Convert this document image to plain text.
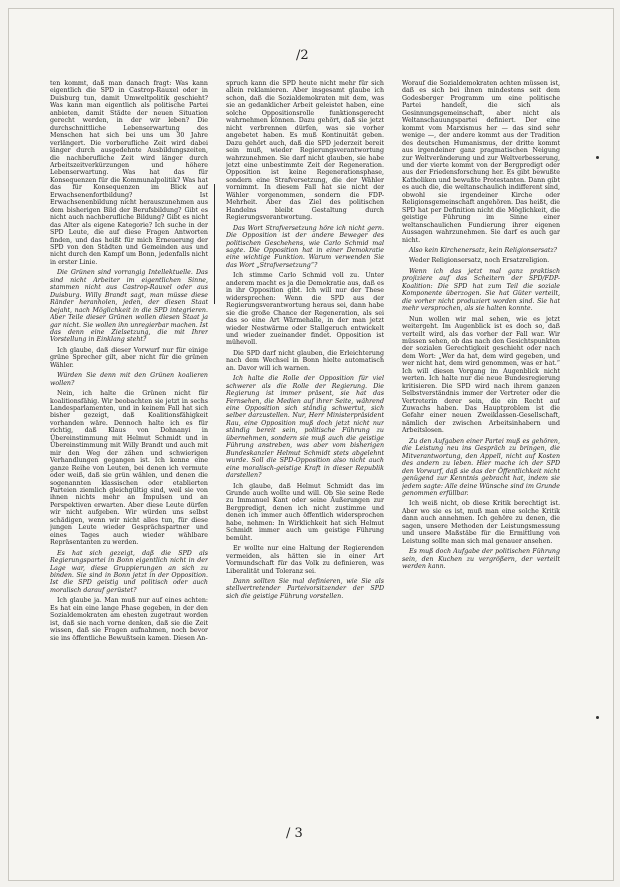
/2

ten kommt, daß man danach fragt: Was kann eigentlich die SPD in Castrop-Rauxel oder in Duisburg tun, damit Umweltpolitik geschieht? Was kann man eigentlich als politische Partei anbieten, damit Städte der neuen Situation gerecht werden, in der wir leben? Die durchschnittliche Lebenserwartung des Menschen hat sich bei uns um 30 Jahre verlängert. Die vorberufliche Zeit wird dabei länger durch ausgedehnte Ausbildungszeiten, die nachberufliche Zeit wird länger durch Arbeitszeitverkürzungen und höhere Lebenserwartung. Was hat das für Konsequenzen für die Kommunalpolitik? Was hat das für Konsequenzen im Blick auf Erwachsenenfortbildung? Ist Erwachsenenbildung nicht herauszunehmen aus dem bisherigen Bild der Berufsbildung? Gibt es nicht auch nachberufliche Bildung? Gibt es nicht das Alter als eigene Kategorie? Ich suche in der SPD Leute, die auf diese Fragen Antworten finden, und das heißt für mich Erneuerung der SPD von den Städten und Gemeinden aus und nicht durch den Kampf um Bonn, jedenfalls nicht in erster Linie.

Die Grünen sind vorrangig Intellektuelle. Das sind nicht Arbeiter im eigentlichen Sinne, stammen nicht aus Castrop-Rauxel oder aus Duisburg. Willy Brandt sagt, man müsse diese Ränder heranholen, jeden, der diesen Staat bejaht, nach Möglichkeit in die SPD integrieren. Aber Teile dieser Grünen wollen diesen Staat ja gar nicht. Sie wollen ihn unregierbar machen. Ist das denn eine Zielsetzung, die mit Ihrer Vorstellung in Einklang steht?

Ich glaube, daß dieser Vorwurf nur für einige grüne Sprecher gilt, aber nicht für die grünen Wähler.

Würden Sie denn mit den Grünen koalieren wollen?

Nein, ich halte die Grünen nicht für koalitionsfähig. Wir beobachten sie jetzt in sechs Landesparlamenten, und in keinem Fall hat sich bisher gezeigt, daß Koalitionsfähigkeit vorhanden wäre. Dennoch halte ich es für richtig, daß Klaus von Dohnanyi in Übereinstimmung mit Helmut Schmidt und in Übereinstimmung mit Willy Brandt und auch mit mir den Weg der zähen und schwierigen Verhandlungen gegangen ist. Ich kenne eine ganze Reihe von Leuten, bei denen ich vermute oder weiß, daß sie grün wählen, und denen die sogenannten klassischen oder etablierten Parteien ziemlich gleichgültig sind, weil sie von ihnen nichts mehr an Impulsen und an Perspektiven erwarten. Aber diese Leute dürfen wir nicht aufgeben. Wir würden uns selbst schädigen, wenn wir nicht alles tun, für diese jungen Leute wieder Gesprächspartner und eines Tages auch wieder wählbare Repräsentanten zu werden.

Es hat sich gezeigt, daß die SPD als Regierungspartei in Bonn eigentlich nicht in der Lage war, diese Gruppierungen an sich zu binden. Sie sind in Bonn jetzt in der Opposition. Ist die SPD geistig und politisch oder auch moralisch darauf gerüstet?

Ich glaube ja. Man muß nur auf eines achten: Es hat ein eine lange Phase gegeben, in der den Sozialdemokraten am ehesten zugetraut worden ist, daß sie nach vorne denken, daß sie die Zeit wissen, daß sie Fragen aufnahmen, noch bevor sie ins öffentliche Bewußtsein kamen. Diesen An-

spruch kann die SPD heute nicht mehr für sich allein reklamieren. Aber insgesamt glaube ich schon, daß die Sozialdemokraten mit dem, was sie an gedanklicher Arbeit geleistet haben, eine solche Oppositionsrolle funktionsgerecht wahrnehmen können. Dazu gehört, daß sie jetzt nicht verbrennen dürfen, was sie vorher angebetet haben. Es muß Kontinuität geben. Dazu gehört auch, daß die SPD jederzeit bereit sein muß, wieder Regierungsverantwortung wahrzunehmen. Sie darf nicht glauben, sie habe jetzt eine unbestimmte Zeit der Regeneration. Opposition ist keine Regenerationsphase, sondern eine Strafversetzung, die der Wähler vornimmt. In diesem Fall hat sie nicht der Wähler vorgenommen, sondern die FDP-Mehrheit. Aber das Ziel des politischen Handelns bleibt Gestaltung durch Regierungsverantwortung.

Das Wort Strafversetzung höre ich nicht gern. Die Opposition ist der andere Beweger des politischen Geschehens, wie Carlo Schmid mal sagte. Die Opposition hat in einer Demokratie eine wichtige Funktion. Warum verwenden Sie das Wort „Strafversetzung“?

Ich stimme Carlo Schmid voll zu. Unter anderem macht es ja die Demokratie aus, daß es in ihr Opposition gibt. Ich will nur der These widersprechen: Wenn die SPD aus der Regierungsverantwortung heraus sei, dann habe sie die große Chance der Regeneration, als sei das so eine Art Wärmehalle, in der man jetzt wieder Nestwärme oder Stallgeruch entwickelt und wieder zueinander findet. Opposition ist mühevoll.

Die SPD darf nicht glauben, die Erleichterung nach dem Wechsel in Bonn hielte automatisch an. Davor will ich warnen.

Ich halte die Rolle der Opposition für viel schwerer als die Rolle der Regierung. Die Regierung ist immer präsent, sie hat das Fernsehen, die Medien auf ihrer Seite, während eine Opposition sich ständig schwertut, sich selber darzustellen. Nur, Herr Ministerpräsident Rau, eine Opposition muß doch jetzt nicht nur ständig bereit sein, politische Führung zu übernehmen, sondern sie muß auch die geistige Führung anstreben, was aber vom bisherigen Bundeskanzler Helmut Schmidt stets abgelehnt wurde. Soll die SPD-Opposition also nicht auch eine moralisch-geistige Kraft in dieser Republik darstellen?

Ich glaube, daß Helmut Schmidt das im Grunde auch wollte und will. Ob Sie seine Rede zu Immanuel Kant oder seine Äußerungen zur Bergpredigt, denen ich nicht zustimme und denen ich immer auch öffentlich widersprochen habe, nehmen: In Wirklichkeit hat sich Helmut Schmidt immer auch um geistige Führung bemüht.

Er wollte nur eine Haltung der Regierenden vermeiden, als hätten sie in einer Art Vormundschaft für das Volk zu definieren, was Liberalität und Toleranz sei.

Dann sollten Sie mal definieren, wie Sie als stellvertretender Parteivorsitzender der SPD sich die geistige Führung vorstellen.

Worauf die Sozialdemokraten achten müssen ist, daß es sich bei ihnen mindestens seit dem Godesberger Programm um eine politische Partei handelt, die sich als Gesinnungsgemeinschaft, aber nicht als Weltanschauungspartei definiert. Der eine kommt vom Marxismus her — das sind sehr wenige —, der andere kommt aus der Tradition des deutschen Humanismus, der dritte kommt aus irgendeiner ganz pragmatischen Neigung zur Weltveränderung und zur Weltverbesserung, und der vierte kommt von der Bergpredigt oder aus der Friedensforschung her. Es gibt bewußte Katholiken und bewußte Protestanten. Dann gibt es auch die, die weltanschaulich indifferent sind, obwohl sie irgendeiner Kirche oder Religionsgemeinschaft angehören. Das heißt, die SPD hat per Definition nicht die Möglichkeit, die geistige Führung im Sinne einer weltanschaulichen Fundierung ihrer eigenen Aussagen wahrzunehmen. Sie darf es auch gar nicht.

Also kein Kirchenersatz, kein Religionsersatz?

Weder Religionsersatz, noch Ersatzreligion.

Wenn ich das jetzt mal ganz praktisch projiziere auf das Scheitern der SPD/FDP-Koalition: Die SPD hat zum Teil die soziale Komponente überzogen. Sie hat Güter verteilt, die vorher nicht produziert worden sind. Sie hat mehr versprochen, als sie halten konnte.

Nun wollen wir mal sehen, wie es jetzt weitergeht. Im Augenblick ist es doch so, daß verteilt wird, als das vorher der Fall war. Wir müssen sehen, ob das nach den Gesichtspunkten der sozialen Gerechtigkeit geschieht oder nach dem Wort: „Wer da hat, dem wird gegeben, und wer nicht hat, dem wird genommen, was er hat.“ Ich will diesen Vorgang im Augenblick nicht werten. Ich halte nur die neue Bundesregierung kritisieren. Die SPD wird nach ihrem ganzen Selbstverständnis immer der Vertreter oder die Vertreterin derer sein, die ein Recht auf Zuwachs haben. Das Hauptproblem ist die Gefahr einer neuen Zweiklassen-Gesellschaft, nämlich der zwischen Arbeitsinhabern und Arbeitslosen.

Zu den Aufgaben einer Partei muß es gehören, die Leistung neu ins Gespräch zu bringen, die Mitverantwortung, den Appell, nicht auf Kosten des andern zu leben. Hier mache ich der SPD den Vorwurf, daß sie das der Öffentlichkeit nicht genügend zur Kenntnis gebracht hat, indem sie jedem sagte: Alle deine Wünsche sind im Grunde genommen erfüllbar.

Ich weiß nicht, ob diese Kritik berechtigt ist. Aber wo sie es ist, muß man eine solche Kritik dann auch annehmen. Ich gehöre zu denen, die sagen, unsere Methoden der Leistungsmessung und unsere Maßstäbe für die Ermittlung von Leistung sollte man sich mal genauer ansehen.

Es muß doch Aufgabe der politischen Führung sein, den Kuchen zu vergrößern, der verteilt werden kann.

/ 3
